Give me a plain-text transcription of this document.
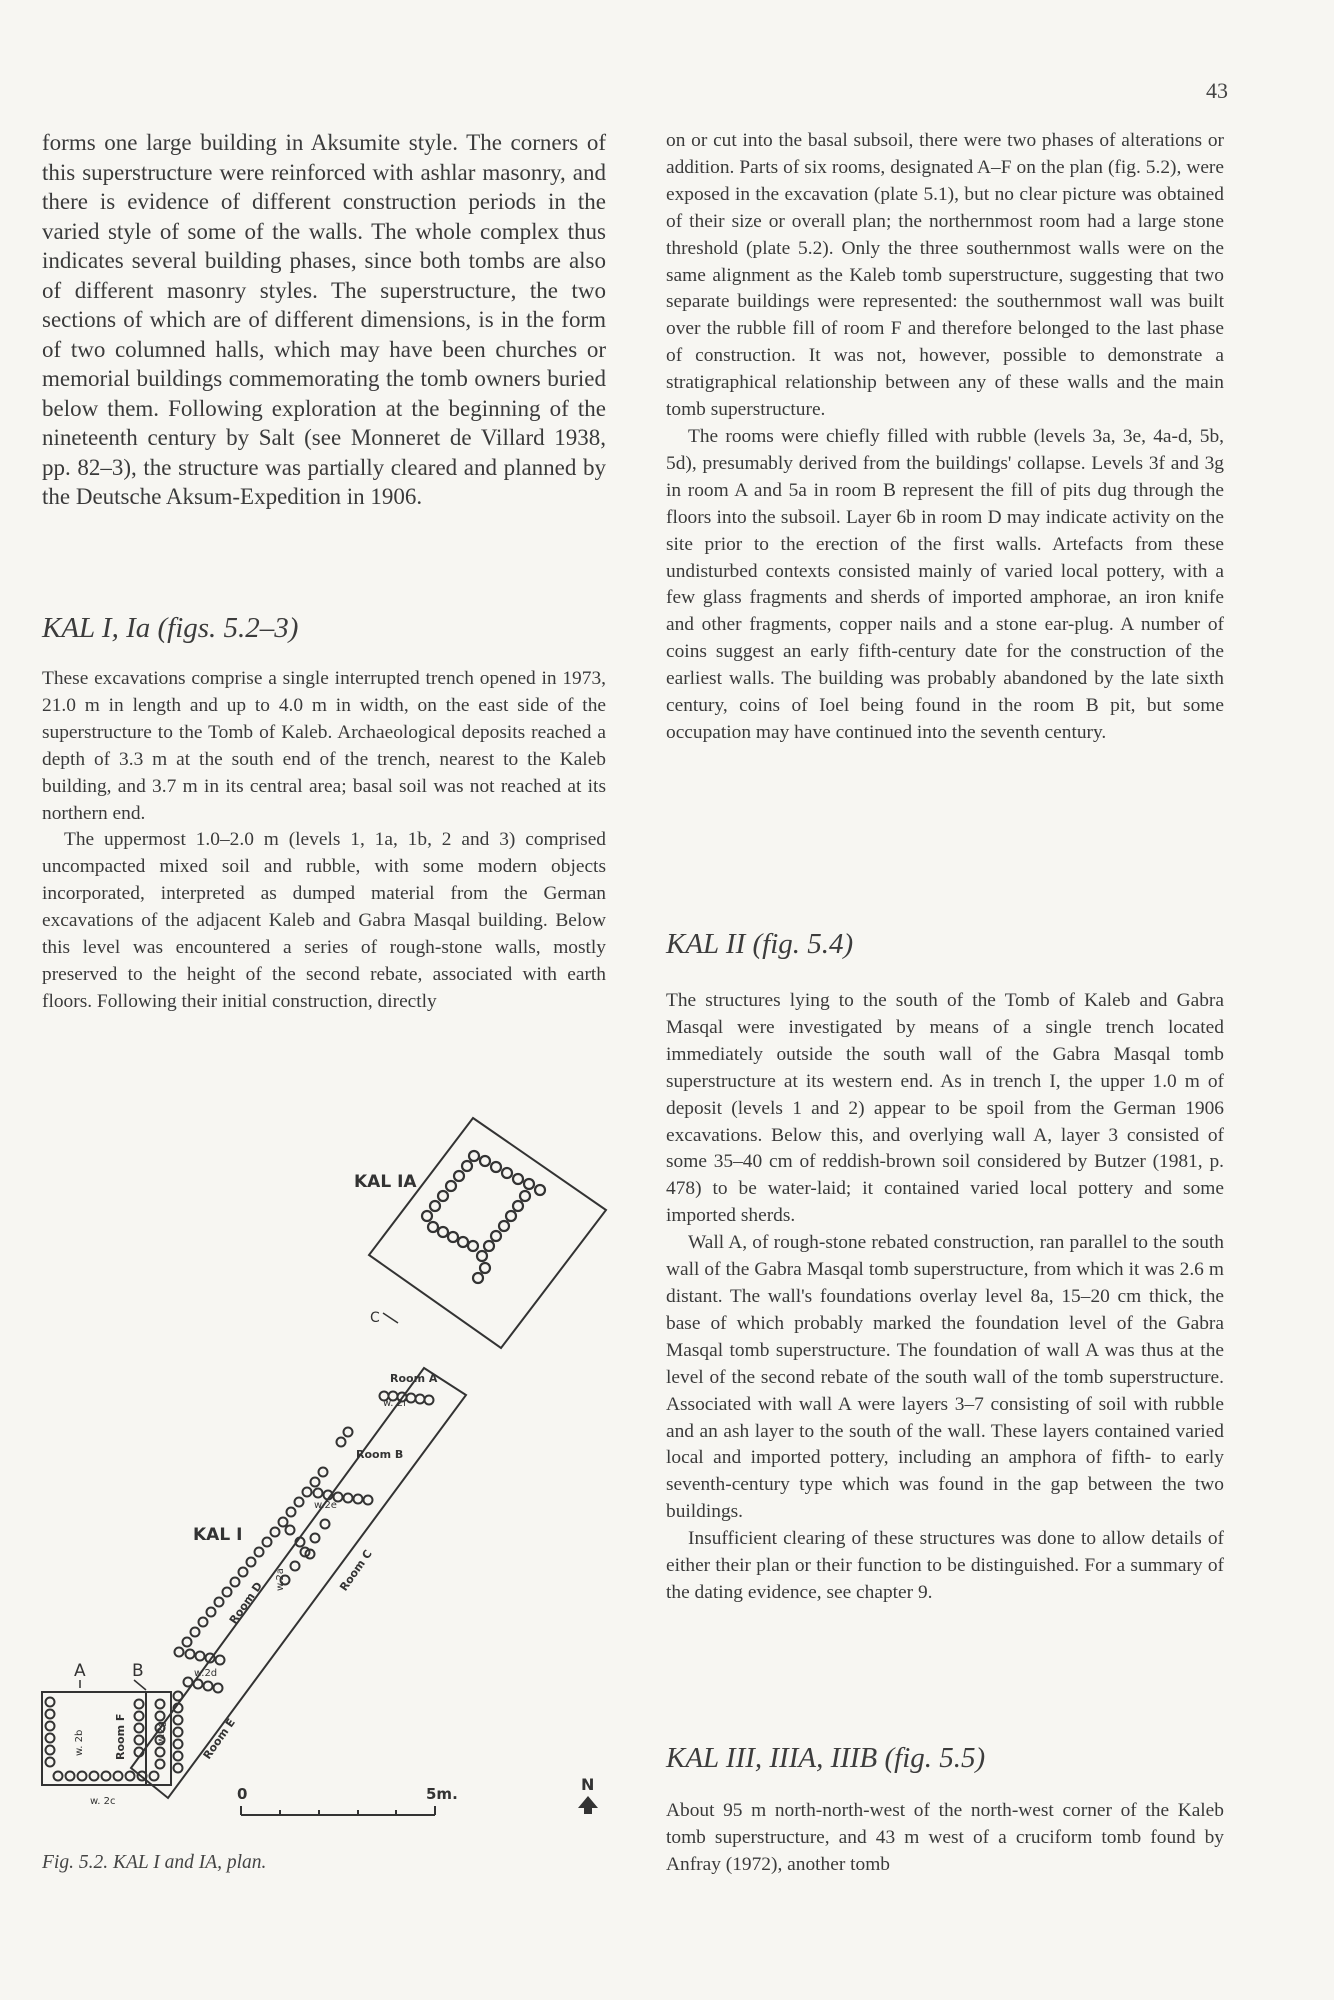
43

forms one large building in Aksumite style. The corners of this superstructure were reinforced with ashlar masonry, and there is evidence of different construction periods in the varied style of some of the walls. The whole complex thus indicates several building phases, since both tombs are also of different masonry styles. The superstructure, the two sections of which are of different dimensions, is in the form of two columned halls, which may have been churches or memorial buildings commemorating the tomb owners buried below them. Following exploration at the beginning of the nineteenth century by Salt (see Monneret de Villard 1938, pp. 82–3), the structure was partially cleared and planned by the Deutsche Aksum-Expedition in 1906.

KAL I, Ia (figs. 5.2–3)

These excavations comprise a single interrupted trench opened in 1973, 21.0 m in length and up to 4.0 m in width, on the east side of the superstructure to the Tomb of Kaleb. Archaeological deposits reached a depth of 3.3 m at the south end of the trench, nearest to the Kaleb building, and 3.7 m in its central area; basal soil was not reached at its northern end.

The uppermost 1.0–2.0 m (levels 1, 1a, 1b, 2 and 3) comprised uncompacted mixed soil and rubble, with some modern objects incorporated, interpreted as dumped material from the German excavations of the adjacent Kaleb and Gabra Masqal building. Below this level was encountered a series of rough-stone walls, mostly preserved to the height of the second rebate, associated with earth floors. Following their initial construction, directly

KAL IA
C
Room A
w. 2f
Room B
w.2e
KAL I
Room C
Room D
w.2a
w.2d
Room E
w.2g
Room F
w. 2b
w. 2c
A	B
0	5m.	N
Fig. 5.2. KAL I and IA, plan.

on or cut into the basal subsoil, there were two phases of alterations or addition. Parts of six rooms, designated A–F on the plan (fig. 5.2), were exposed in the excavation (plate 5.1), but no clear picture was obtained of their size or overall plan; the northernmost room had a large stone threshold (plate 5.2). Only the three southernmost walls were on the same alignment as the Kaleb tomb superstructure, suggesting that two separate buildings were represented: the southernmost wall was built over the rubble fill of room F and therefore belonged to the last phase of construction. It was not, however, possible to demonstrate a stratigraphical relationship between any of these walls and the main tomb superstructure.

The rooms were chiefly filled with rubble (levels 3a, 3e, 4a-d, 5b, 5d), presumably derived from the buildings' collapse. Levels 3f and 3g in room A and 5a in room B represent the fill of pits dug through the floors into the subsoil. Layer 6b in room D may indicate activity on the site prior to the erection of the first walls. Artefacts from these undisturbed contexts consisted mainly of varied local pottery, with a few glass fragments and sherds of imported amphorae, an iron knife and other fragments, copper nails and a stone ear-plug. A number of coins suggest an early fifth-century date for the construction of the earliest walls. The building was probably abandoned by the late sixth century, coins of Ioel being found in the room B pit, but some occupation may have continued into the seventh century.

KAL II (fig. 5.4)

The structures lying to the south of the Tomb of Kaleb and Gabra Masqal were investigated by means of a single trench located immediately outside the south wall of the Gabra Masqal tomb superstructure at its western end. As in trench I, the upper 1.0 m of deposit (levels 1 and 2) appear to be spoil from the German 1906 excavations. Below this, and overlying wall A, layer 3 consisted of some 35–40 cm of reddish-brown soil considered by Butzer (1981, p. 478) to be water-laid; it contained varied local pottery and some imported sherds.

Wall A, of rough-stone rebated construction, ran parallel to the south wall of the Gabra Masqal tomb superstructure, from which it was 2.6 m distant. The wall's foundations overlay level 8a, 15–20 cm thick, the base of which probably marked the foundation level of the Gabra Masqal tomb superstructure. The foundation of wall A was thus at the level of the second rebate of the south wall of the tomb superstructure. Associated with wall A were layers 3–7 consisting of soil with rubble and an ash layer to the south of the wall. These layers contained varied local and imported pottery, including an amphora of fifth- to early seventh-century type which was found in the gap between the two buildings.

Insufficient clearing of these structures was done to allow details of either their plan or their function to be distinguished. For a summary of the dating evidence, see chapter 9.

KAL III, IIIA, IIIB (fig. 5.5)

About 95 m north-north-west of the north-west corner of the Kaleb tomb superstructure, and 43 m west of a cruciform tomb found by Anfray (1972), another tomb
